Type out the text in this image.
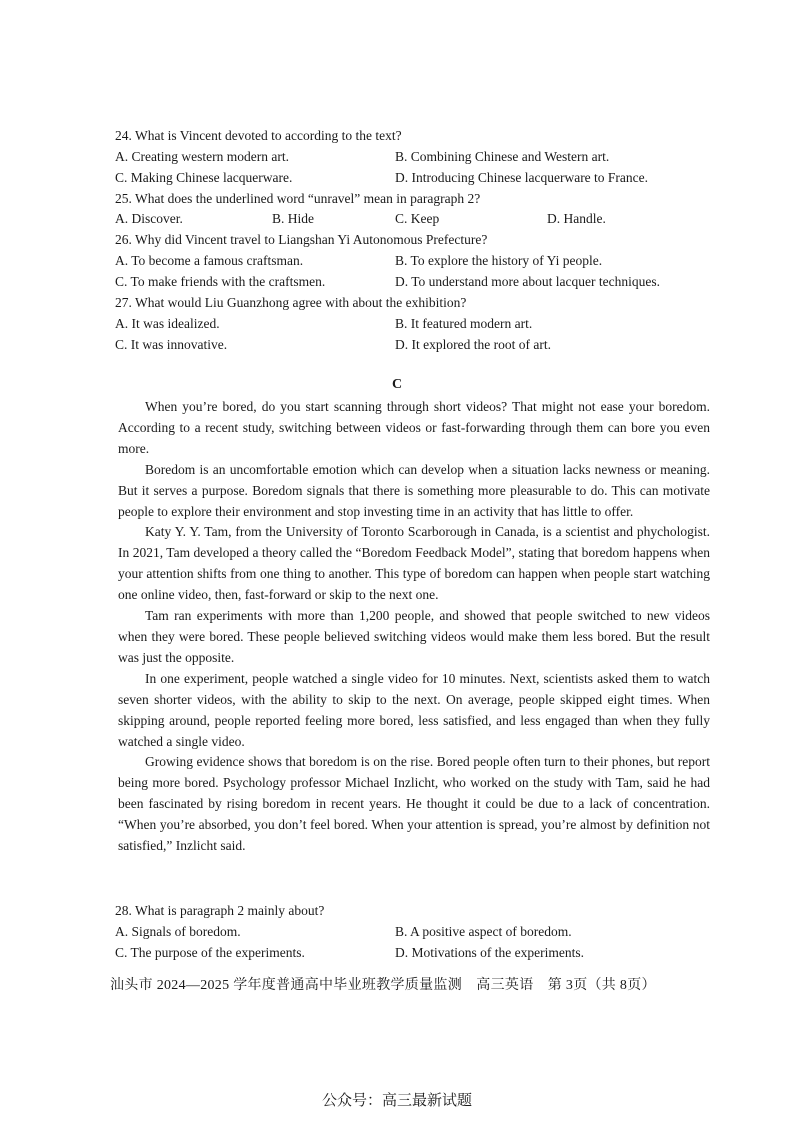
24. What is Vincent devoted to according to the text?
A. Creating western modern art.	B. Combining Chinese and Western art.
C. Making Chinese lacquerware.	D. Introducing Chinese lacquerware to France.
25. What does the underlined word “unravel” mean in paragraph 2?
A. Discover.	B. Hide	C. Keep	D. Handle.
26. Why did Vincent travel to Liangshan Yi Autonomous Prefecture?
A. To become a famous craftsman.	B. To explore the history of Yi people.
C. To make friends with the craftsmen.	D. To understand more about lacquer techniques.
27. What would Liu Guanzhong agree with about the exhibition?
A. It was idealized.	B. It featured modern art.
C. It was innovative.	D. It explored the root of art.
C

When you’re bored, do you start scanning through short videos? That might not ease your boredom. According to a recent study, switching between videos or fast-forwarding through them can bore you even more.

Boredom is an uncomfortable emotion which can develop when a situation lacks newness or meaning. But it serves a purpose. Boredom signals that there is something more pleasurable to do. This can motivate people to explore their environment and stop investing time in an activity that has little to offer.

Katy Y. Y. Tam, from the University of Toronto Scarborough in Canada, is a scientist and phychologist. In 2021, Tam developed a theory called the “Boredom Feedback Model”, stating that boredom happens when your attention shifts from one thing to another. This type of boredom can happen when people start watching one online video, then, fast-forward or skip to the next one.

Tam ran experiments with more than 1,200 people, and showed that people switched to new videos when they were bored. These people believed switching videos would make them less bored. But the result was just the opposite.

In one experiment, people watched a single video for 10 minutes. Next, scientists asked them to watch seven shorter videos, with the ability to skip to the next. On average, people skipped eight times. When skipping around, people reported feeling more bored, less satisfied, and less engaged than when they fully watched a single video.

Growing evidence shows that boredom is on the rise. Bored people often turn to their phones, but report being more bored. Psychology professor Michael Inzlicht, who worked on the study with Tam, said he had been fascinated by rising boredom in recent years. He thought it could be due to a lack of concentration. “When you’re absorbed, you don’t feel bored. When your attention is spread, you’re almost by definition not satisfied,” Inzlicht said.

28. What is paragraph 2 mainly about?
A. Signals of boredom.	B. A positive aspect of boredom.
C. The purpose of the experiments.	D. Motivations of the experiments.
汕头市 2024—2025 学年度普通高中毕业班教学质量监测　高三英语　第 3页（共 8页）
公众号：高三最新试题
